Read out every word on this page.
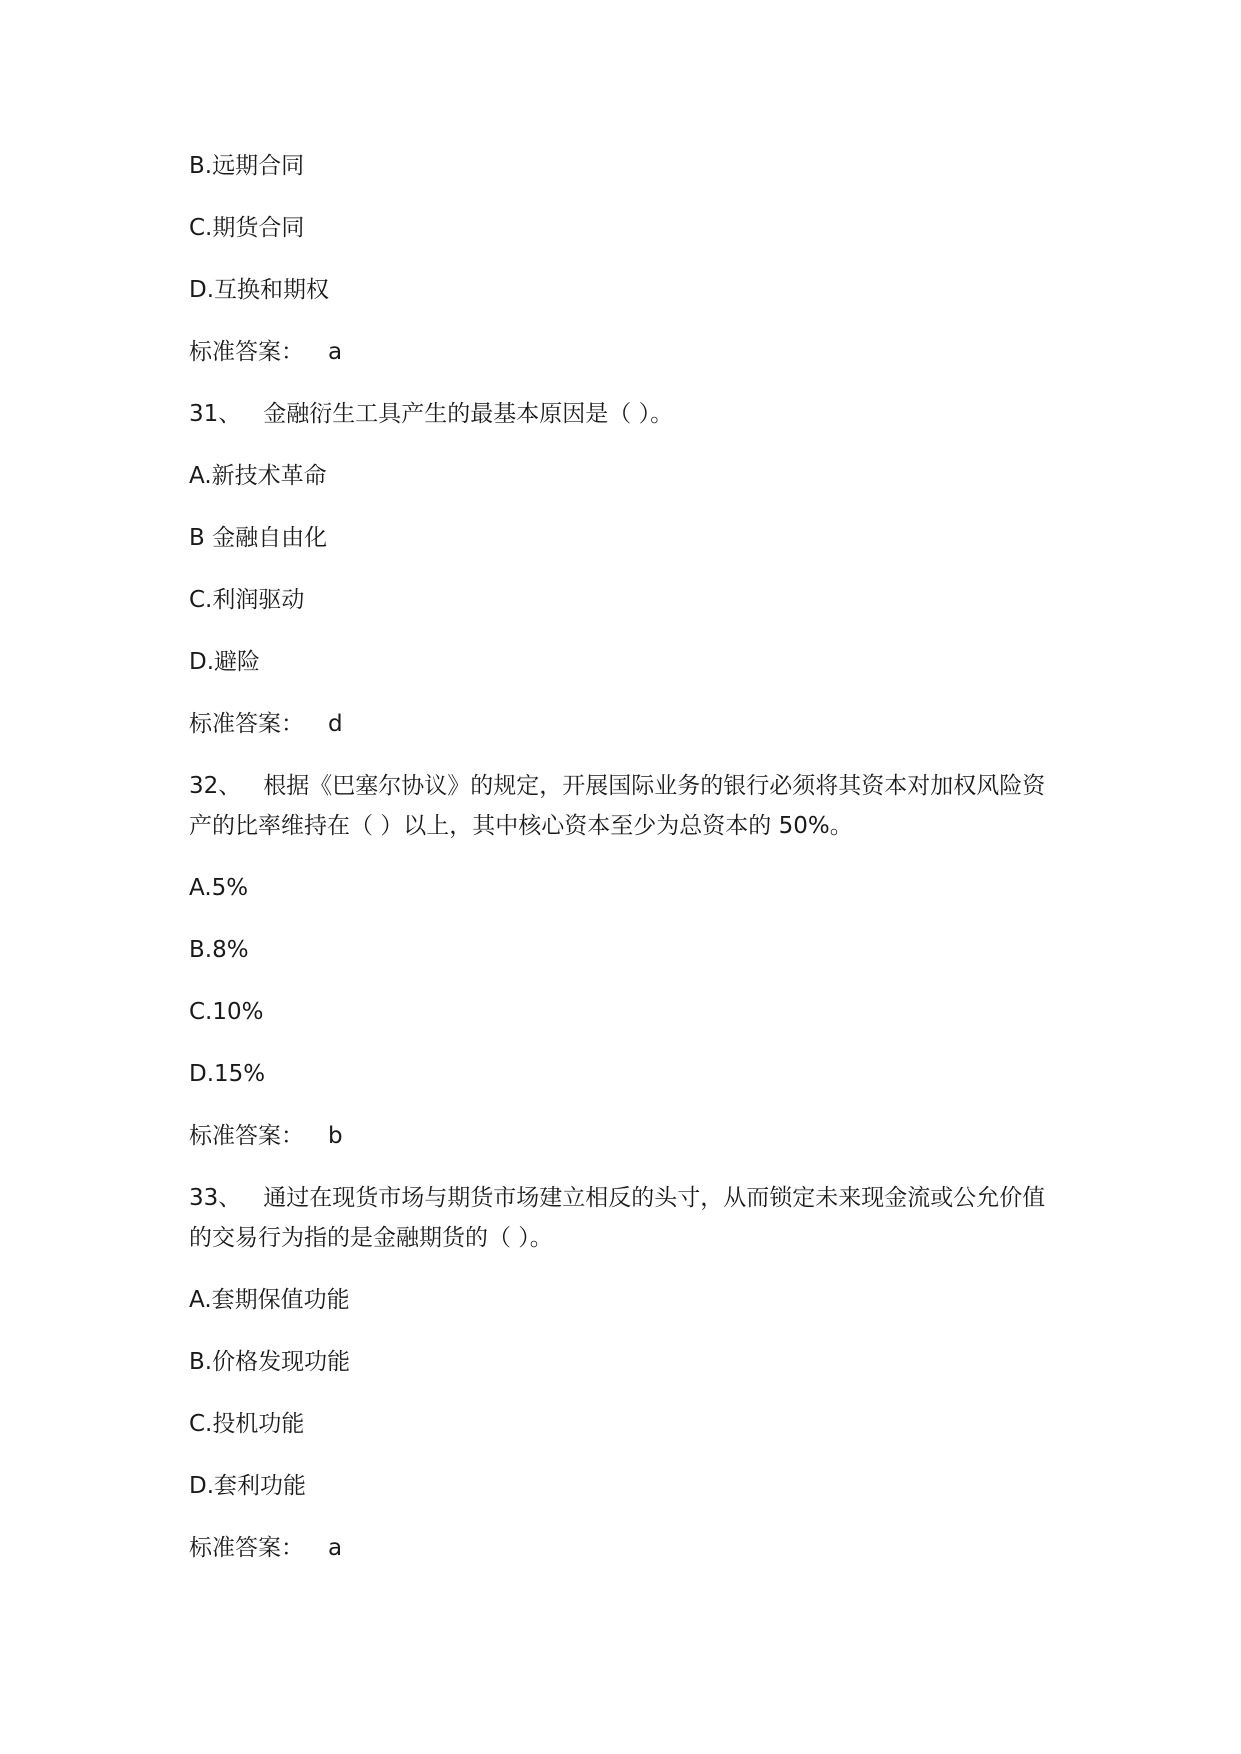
B.远期合同
C.期货合同
D.互换和期权
标准答案： a
31、 金融衍生工具产生的最基本原因是（ ）。
A.新技术革命
B 金融自由化
C.利润驱动
D.避险
标准答案： d
32、 根据《巴塞尔协议》的规定，开展国际业务的银行必须将其资本对加权风险资产的比率维持在（ ）以上，其中核心资本至少为总资本的 50%。
A.5%
B.8%
C.10%
D.15%
标准答案： b
33、 通过在现货市场与期货市场建立相反的头寸，从而锁定未来现金流或公允价值的交易行为指的是金融期货的（ ）。
A.套期保值功能
B.价格发现功能
C.投机功能
D.套利功能
标准答案： a
